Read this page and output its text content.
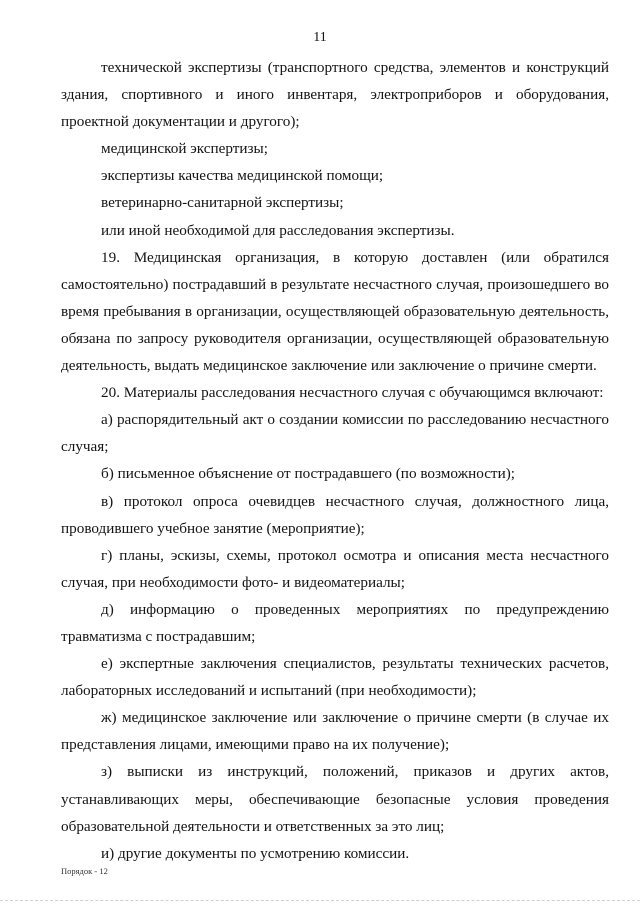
11

технической экспертизы (транспортного средства, элементов и конструкций здания, спортивного и иного инвентаря, электроприборов и оборудования, проектной документации и другого);

медицинской экспертизы;

экспертизы качества медицинской помощи;

ветеринарно-санитарной экспертизы;

или иной необходимой для расследования экспертизы.

19. Медицинская организация, в которую доставлен (или обратился самостоятельно) пострадавший в результате несчастного случая, произошедшего во время пребывания в организации, осуществляющей образовательную деятельность, обязана по запросу руководителя организации, осуществляющей образовательную деятельность, выдать медицинское заключение или заключение о причине смерти.

20. Материалы расследования несчастного случая с обучающимся включают:

а) распорядительный акт о создании комиссии по расследованию несчастного случая;

б) письменное объяснение от пострадавшего (по возможности);

в) протокол опроса очевидцев несчастного случая, должностного лица, проводившего учебное занятие (мероприятие);

г) планы, эскизы, схемы, протокол осмотра и описания места несчастного случая, при необходимости фото- и видеоматериалы;

д) информацию о проведенных мероприятиях по предупреждению травматизма с пострадавшим;

е) экспертные заключения специалистов, результаты технических расчетов, лабораторных исследований и испытаний (при необходимости);

ж) медицинское заключение или заключение о причине смерти (в случае их представления лицами, имеющими право на их получение);

з) выписки из инструкций, положений, приказов и других актов, устанавливающих меры, обеспечивающие безопасные условия проведения образовательной деятельности и ответственных за это лиц;

и) другие документы по усмотрению комиссии.

Порядок - 12
